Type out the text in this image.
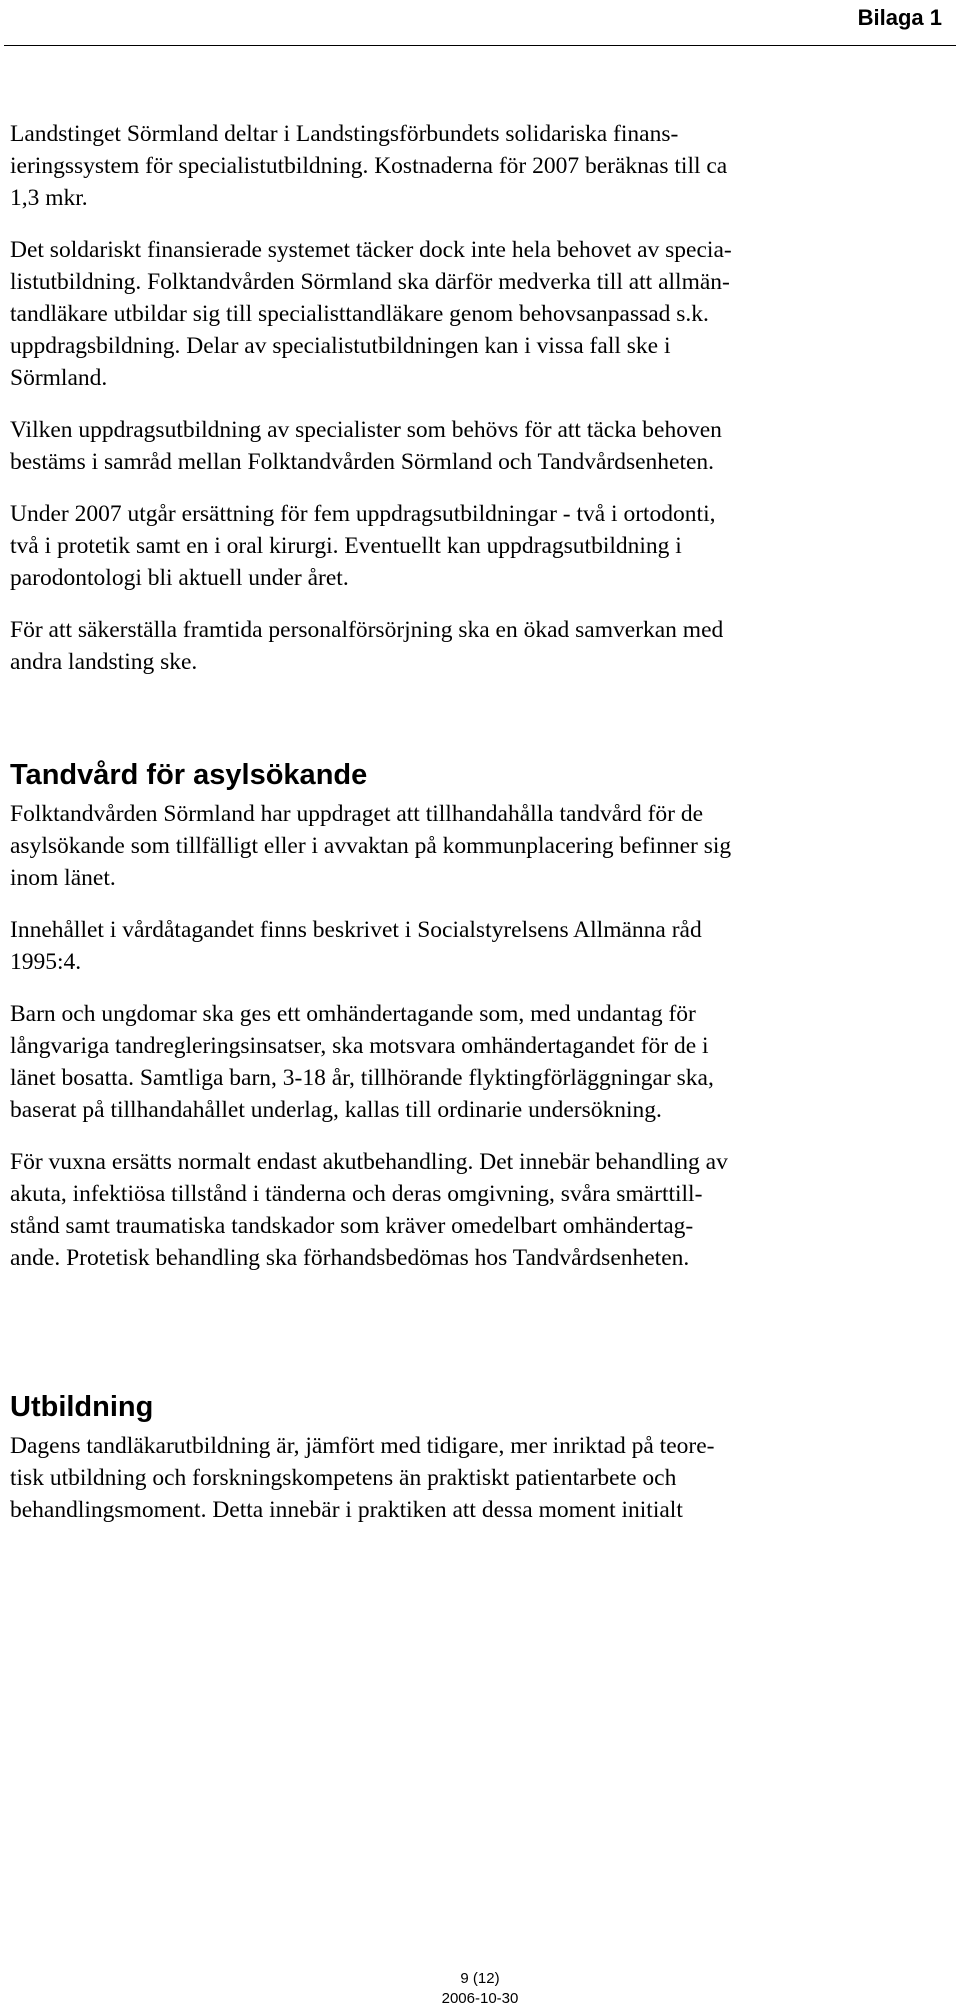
Bilaga 1

Landstinget Sörmland deltar i Landstingsförbundets solidariska finans-
ieringssystem för specialistutbildning. Kostnaderna för 2007 beräknas till ca
1,3 mkr.

Det soldariskt finansierade systemet täcker dock inte hela behovet av specia-
listutbildning. Folktandvården Sörmland ska därför medverka till att allmän-
tandläkare utbildar sig till specialisttandläkare genom behovsanpassad s.k.
uppdragsbildning. Delar av specialistutbildningen kan i vissa fall ske i
Sörmland.

Vilken uppdragsutbildning av specialister som behövs för att täcka behoven
bestäms i samråd mellan Folktandvården Sörmland och Tandvårdsenheten.

Under 2007 utgår ersättning för fem uppdragsutbildningar - två i ortodonti,
två i protetik samt en i oral kirurgi. Eventuellt kan uppdragsutbildning i
parodontologi bli aktuell under året.

För att säkerställa framtida personalförsörjning ska en ökad samverkan med
andra landsting ske.

Tandvård för asylsökande

Folktandvården Sörmland har uppdraget att tillhandahålla tandvård för de
asylsökande som tillfälligt eller i avvaktan på kommunplacering befinner sig
inom länet.

Innehållet i vårdåtagandet finns beskrivet i Socialstyrelsens Allmänna råd
1995:4.

Barn och ungdomar ska ges ett omhändertagande som, med undantag för
långvariga tandregleringsinsatser, ska motsvara omhändertagandet för de i
länet bosatta. Samtliga barn, 3-18 år, tillhörande flyktingförläggningar ska,
baserat på tillhandahållet underlag, kallas till ordinarie undersökning.

För vuxna ersätts normalt endast akutbehandling. Det innebär behandling av
akuta, infektiösa tillstånd i tänderna och deras omgivning, svåra smärttill-
stånd samt traumatiska tandskador som kräver omedelbart omhändertag-
ande. Protetisk behandling ska förhandsbedömas hos Tandvårdsenheten.

Utbildning

Dagens tandläkarutbildning är, jämfört med tidigare, mer inriktad på teore-
tisk utbildning och forskningskompetens än praktiskt patientarbete och
behandlingsmoment. Detta innebär i praktiken att dessa moment initialt

9 (12)
2006-10-30
